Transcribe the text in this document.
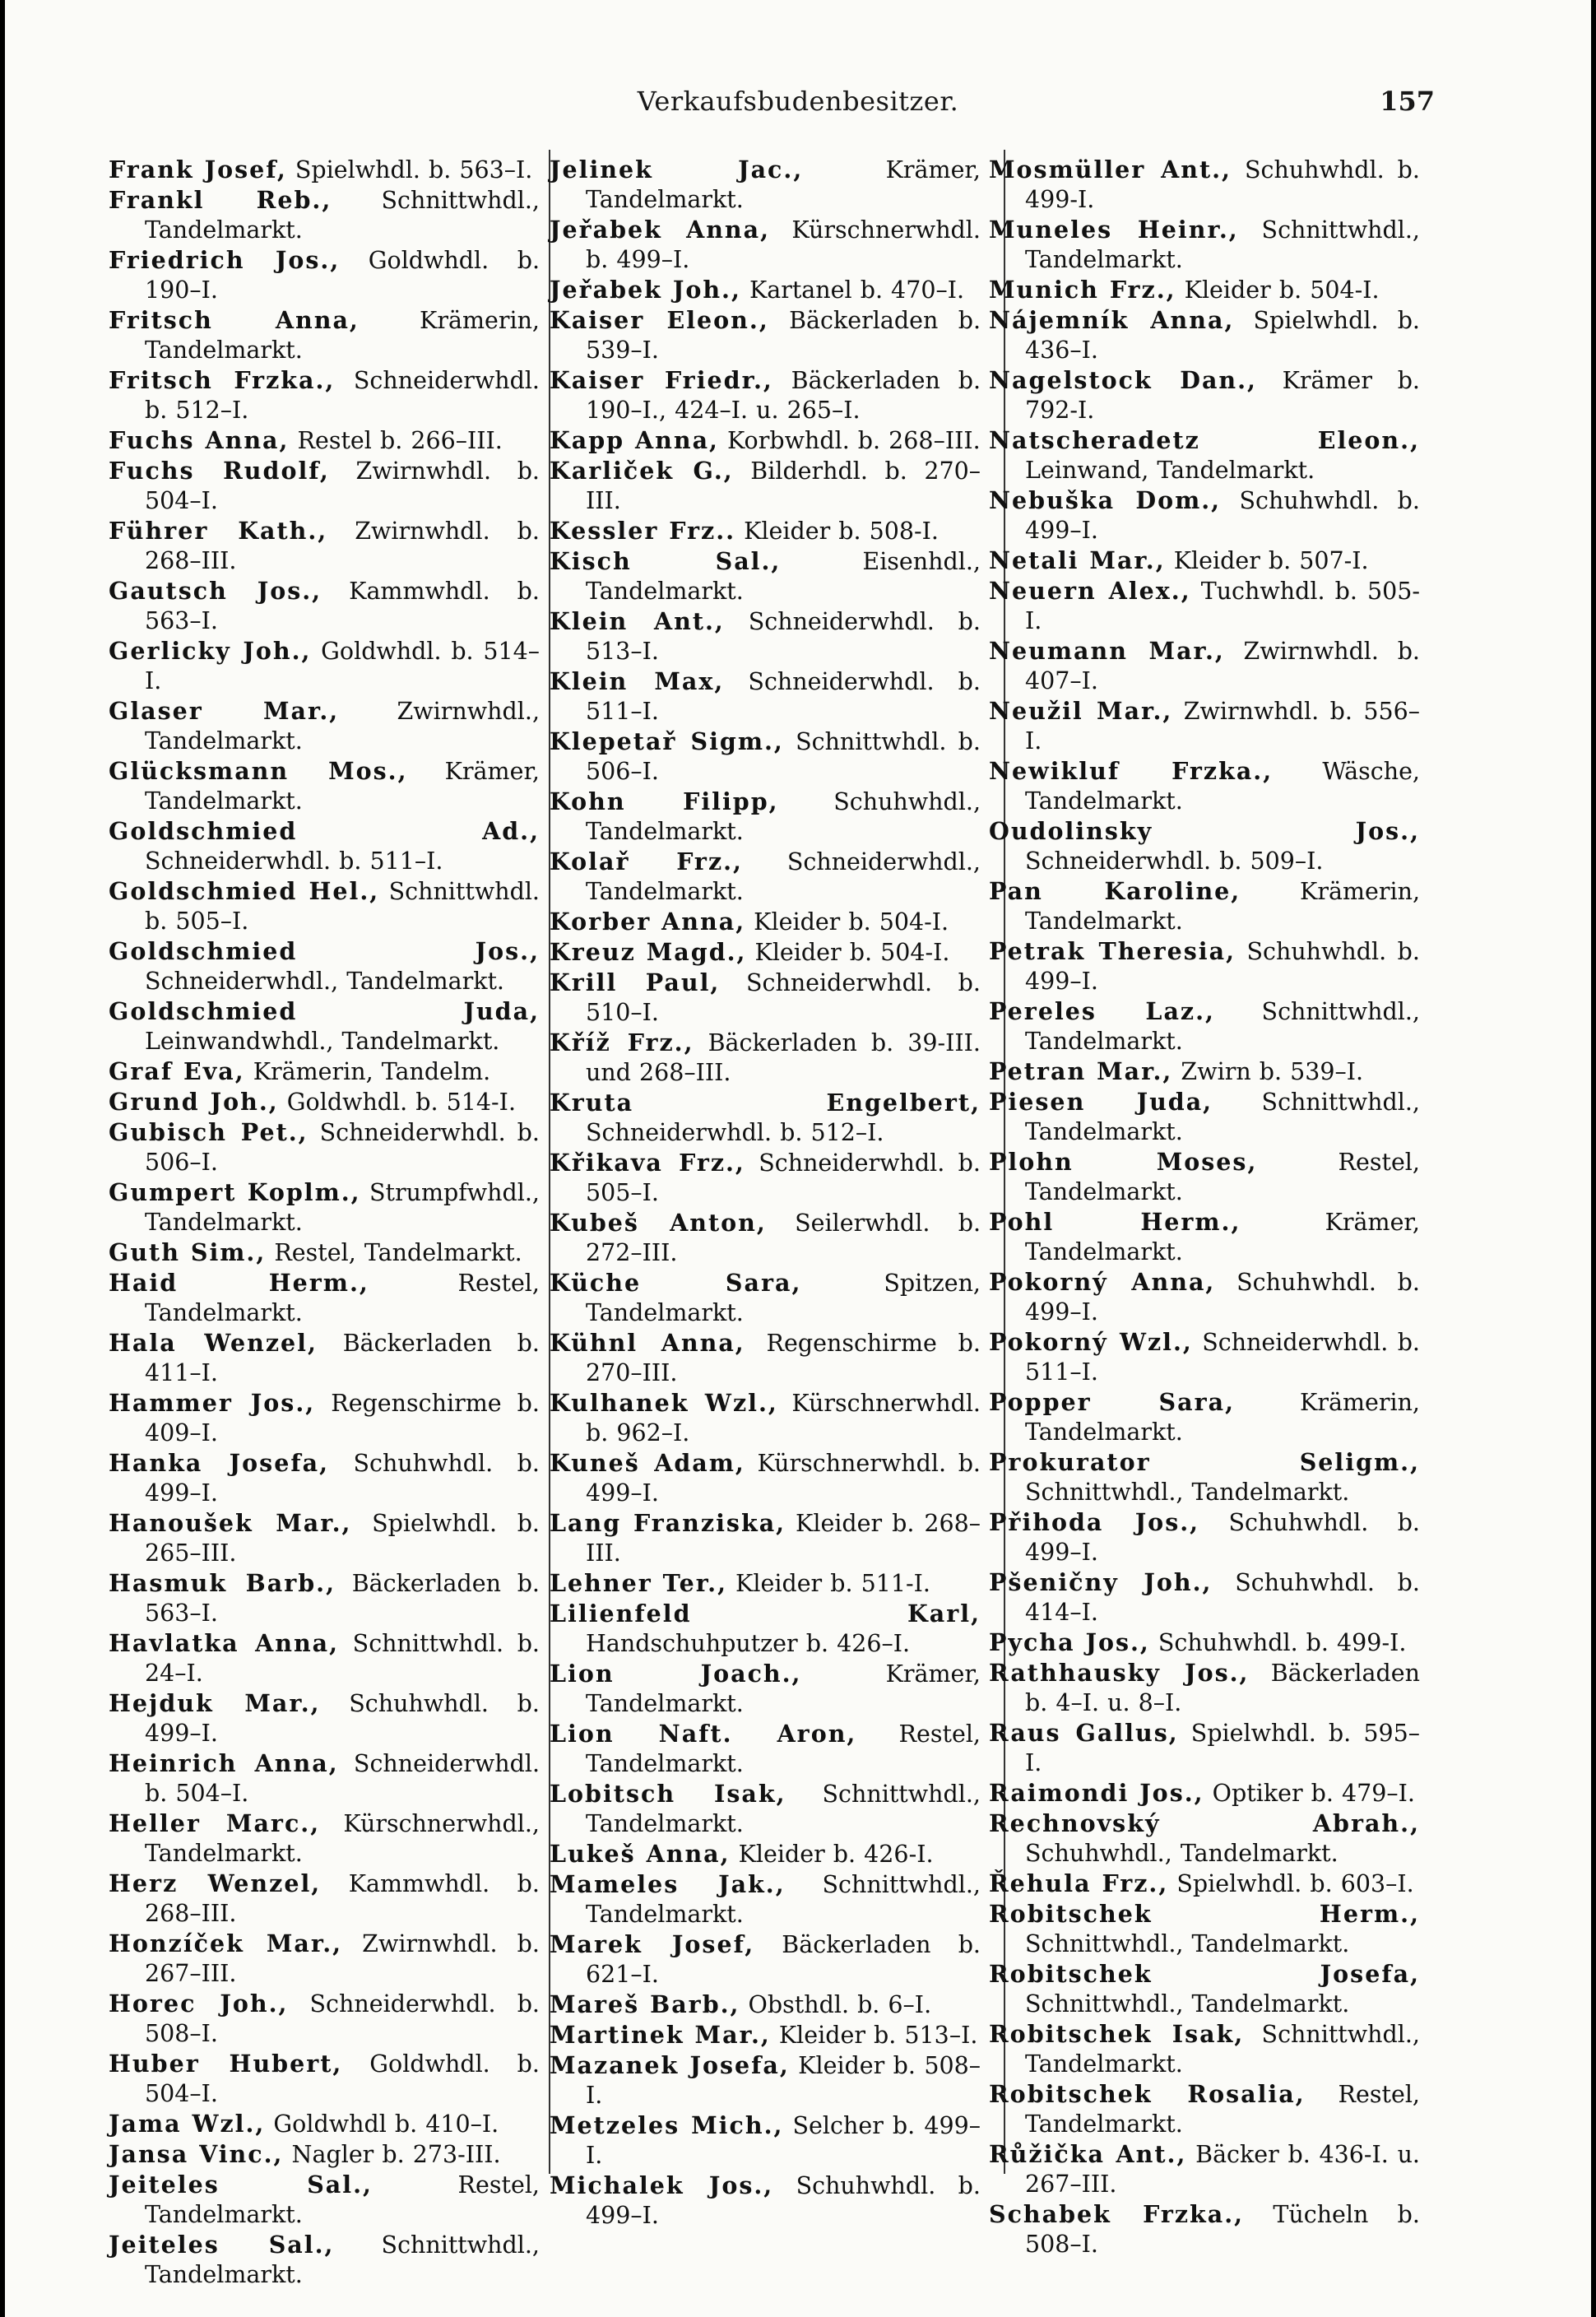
Verkaufsbudenbesitzer.	157

Frank Josef, Spielwhdl. b. 563–I.

Frankl Reb., Schnittwhdl., Tandelmarkt.

Friedrich Jos., Goldwhdl. b. 190–I.

Fritsch Anna, Krämerin, Tandelmarkt.

Fritsch Frzka., Schneiderwhdl. b. 512–I.

Fuchs Anna, Restel b. 266–III.

Fuchs Rudolf, Zwirnwhdl. b. 504–I.

Führer Kath., Zwirnwhdl. b. 268–III.

Gautsch Jos., Kammwhdl. b. 563–I.

Gerlicky Joh., Goldwhdl. b. 514–I.

Glaser Mar., Zwirnwhdl., Tandelmarkt.

Glücksmann Mos., Krämer, Tandelmarkt.

Goldschmied Ad., Schneiderwhdl. b. 511–I.

Goldschmied Hel., Schnittwhdl. b. 505–I.

Goldschmied Jos., Schneiderwhdl., Tandelmarkt.

Goldschmied Juda, Leinwandwhdl., Tandelmarkt.

Graf Eva, Krämerin, Tandelm.

Grund Joh., Goldwhdl. b. 514-I.

Gubisch Pet., Schneiderwhdl. b. 506–I.

Gumpert Koplm., Strumpfwhdl., Tandelmarkt.

Guth Sim., Restel, Tandelmarkt.

Haid Herm., Restel, Tandelmarkt.

Hala Wenzel, Bäckerladen b. 411–I.

Hammer Jos., Regenschirme b. 409–I.

Hanka Josefa, Schuhwhdl. b. 499–I.

Hanoušek Mar., Spielwhdl. b. 265–III.

Hasmuk Barb., Bäckerladen b. 563–I.

Havlatka Anna, Schnittwhdl. b. 24–I.

Hejduk Mar., Schuhwhdl. b. 499–I.

Heinrich Anna, Schneiderwhdl. b. 504–I.

Heller Marc., Kürschnerwhdl., Tandelmarkt.

Herz Wenzel, Kammwhdl. b. 268–III.

Honzíček Mar., Zwirnwhdl. b. 267–III.

Horec Joh., Schneiderwhdl. b. 508–I.

Huber Hubert, Goldwhdl. b. 504–I.

Jama Wzl., Goldwhdl b. 410–I.

Jansa Vinc., Nagler b. 273-III.

Jeiteles Sal., Restel, Tandelmarkt.

Jeiteles Sal., Schnittwhdl., Tandelmarkt.

Jelinek Jac., Krämer, Tandelmarkt.

Jeřabek Anna, Kürschnerwhdl. b. 499–I.

Jeřabek Joh., Kartanel b. 470–I.

Kaiser Eleon., Bäckerladen b. 539–I.

Kaiser Friedr., Bäckerladen b. 190–I., 424–I. u. 265–I.

Kapp Anna, Korbwhdl. b. 268–III.

Karliček G., Bilderhdl. b. 270–III.

Kessler Frz.. Kleider b. 508-I.

Kisch Sal., Eisenhdl., Tandelmarkt.

Klein Ant., Schneiderwhdl. b. 513–I.

Klein Max, Schneiderwhdl. b. 511–I.

Klepetař Sigm., Schnittwhdl. b. 506–I.

Kohn Filipp, Schuhwhdl., Tandelmarkt.

Kolař Frz., Schneiderwhdl., Tandelmarkt.

Korber Anna, Kleider b. 504-I.

Kreuz Magd., Kleider b. 504-I.

Krill Paul, Schneiderwhdl. b. 510–I.

Kříž Frz., Bäckerladen b. 39-III. und 268–III.

Kruta Engelbert, Schneiderwhdl. b. 512–I.

Křikava Frz., Schneiderwhdl. b. 505–I.

Kubeš Anton, Seilerwhdl. b. 272–III.

Küche Sara, Spitzen, Tandelmarkt.

Kühnl Anna, Regenschirme b. 270–III.

Kulhanek Wzl., Kürschnerwhdl. b. 962–I.

Kuneš Adam, Kürschnerwhdl. b. 499–I.

Lang Franziska, Kleider b. 268–III.

Lehner Ter., Kleider b. 511-I.

Lilienfeld Karl, Handschuhputzer b. 426–I.

Lion Joach., Krämer, Tandelmarkt.

Lion Naft. Aron, Restel, Tandelmarkt.

Lobitsch Isak, Schnittwhdl., Tandelmarkt.

Lukeš Anna, Kleider b. 426-I.

Mameles Jak., Schnittwhdl., Tandelmarkt.

Marek Josef, Bäckerladen b. 621–I.

Mareš Barb., Obsthdl. b. 6–I.

Martinek Mar., Kleider b. 513–I.

Mazanek Josefa, Kleider b. 508–I.

Metzeles Mich., Selcher b. 499–I.

Michalek Jos., Schuhwhdl. b. 499–I.

Mosmüller Ant., Schuhwhdl. b. 499-I.

Muneles Heinr., Schnittwhdl., Tandelmarkt.

Munich Frz., Kleider b. 504-I.

Nájemník Anna, Spielwhdl. b. 436–I.

Nagelstock Dan., Krämer b. 792-I.

Natscheradetz Eleon., Leinwand, Tandelmarkt.

Nebuška Dom., Schuhwhdl. b. 499–I.

Netali Mar., Kleider b. 507-I.

Neuern Alex., Tuchwhdl. b. 505-I.

Neumann Mar., Zwirnwhdl. b. 407–I.

Neužil Mar., Zwirnwhdl. b. 556–I.

Newikluf Frzka., Wäsche, Tandelmarkt.

Oudolinsky Jos., Schneiderwhdl. b. 509–I.

Pan Karoline, Krämerin, Tandelmarkt.

Petrak Theresia, Schuhwhdl. b. 499–I.

Pereles Laz., Schnittwhdl., Tandelmarkt.

Petran Mar., Zwirn b. 539–I.

Piesen Juda, Schnittwhdl., Tandelmarkt.

Plohn Moses, Restel, Tandelmarkt.

Pohl Herm., Krämer, Tandelmarkt.

Pokorný Anna, Schuhwhdl. b. 499–I.

Pokorný Wzl., Schneiderwhdl. b. 511–I.

Popper Sara, Krämerin, Tandelmarkt.

Prokurator Seligm., Schnittwhdl., Tandelmarkt.

Přihoda Jos., Schuhwhdl. b. 499–I.

Pšeničny Joh., Schuhwhdl. b. 414–I.

Pycha Jos., Schuhwhdl. b. 499-I.

Rathhausky Jos., Bäckerladen b. 4–I. u. 8–I.

Raus Gallus, Spielwhdl. b. 595–I.

Raimondi Jos., Optiker b. 479–I.

Rechnovský Abrah., Schuhwhdl., Tandelmarkt.

Řehula Frz., Spielwhdl. b. 603–I.

Robitschek Herm., Schnittwhdl., Tandelmarkt.

Robitschek Josefa, Schnittwhdl., Tandelmarkt.

Robitschek Isak, Schnittwhdl., Tandelmarkt.

Robitschek Rosalia, Restel, Tandelmarkt.

Růžička Ant., Bäcker b. 436-I. u. 267–III.

Schabek Frzka., Tücheln b. 508–I.
